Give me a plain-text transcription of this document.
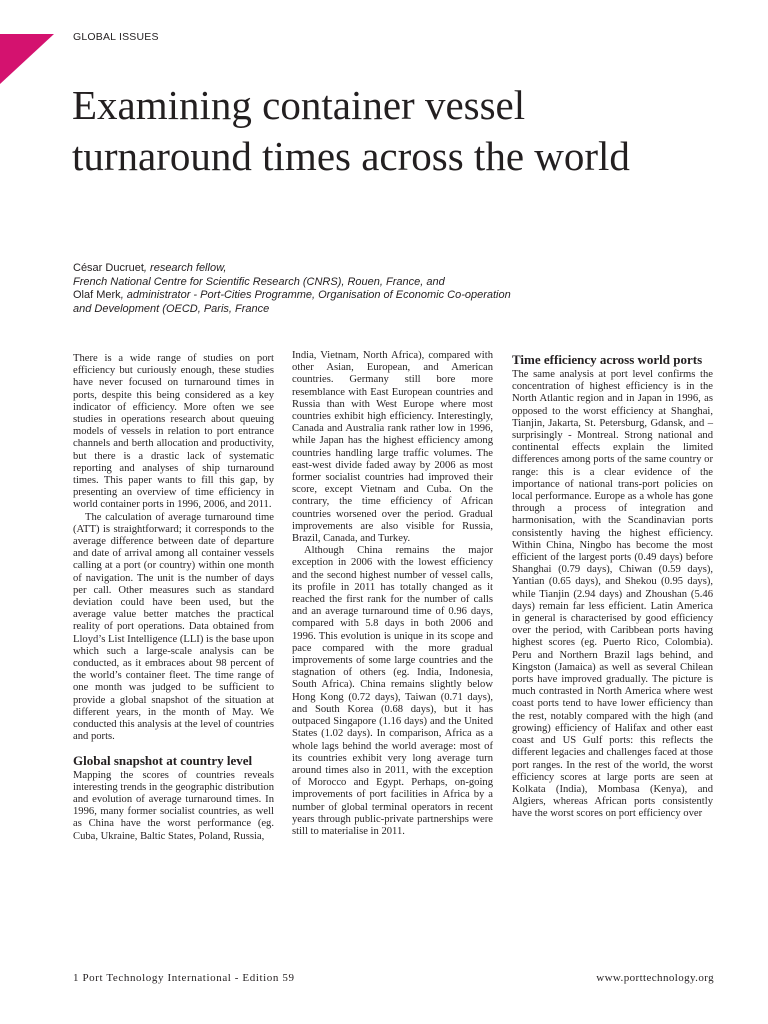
GLOBAL ISSUES
Examining container vessel turnaround times across the world
César Ducruet, research fellow,
French National Centre for Scientific Research (CNRS), Rouen, France, and
Olaf Merk, administrator - Port-Cities Programme, Organisation of Economic Co-operation and Development (OECD, Paris, France

There is a wide range of studies on port efficiency but curiously enough, these studies have never focused on turnaround times in ports, despite this being considered as a key indicator of efficiency. More often we see studies in operations research about queuing models of vessels in relation to port entrance channels and berth allocation and productivity, but there is a drastic lack of systematic reporting and analyses of ship turnaround times. This paper wants to fill this gap, by presenting an overview of time efficiency in world container ports in 1996, 2006, and 2011.

The calculation of average turnaround time (ATT) is straightforward; it corresponds to the average difference between date of departure and date of arrival among all container vessels calling at a port (or country) within one month of navigation. The unit is the number of days per call. Other measures such as standard deviation could have been used, but the average value better matches the practical reality of port operations. Data obtained from Lloyd’s List Intelligence (LLI) is the base upon which such a large-scale analysis can be conducted, as it embraces about 98 percent of the world’s container fleet. The time range of one month was judged to be sufficient to provide a global snapshot of the situation at different years, in the month of May. We conducted this analysis at the level of countries and ports.

Global snapshot at country level

Mapping the scores of countries reveals interesting trends in the geographic distribution and evolution of average turnaround times. In 1996, many former socialist countries, as well as China have the worst performance (eg. Cuba, Ukraine, Baltic States, Poland, Russia,

India, Vietnam, North Africa), compared with other Asian, European, and American countries. Germany still bore more resemblance with East European countries and Russia than with West Europe where most countries exhibit high efficiency. Interestingly, Canada and Australia rank rather low in 1996, while Japan has the highest efficiency among countries handling large traffic volumes. The east-west divide faded away by 2006 as most former socialist countries had improved their score, except Vietnam and Cuba. On the contrary, the time efficiency of African countries worsened over the period. Gradual improvements are also visible for Russia, Brazil, Canada, and Turkey.

Although China remains the major exception in 2006 with the lowest efficiency and the second highest number of vessel calls, its profile in 2011 has totally changed as it reached the first rank for the number of calls and an average turnaround time of 0.96 days, compared with 5.8 days in both 2006 and 1996. This evolution is unique in its scope and pace compared with the more gradual improvements of some large countries and the stagnation of others (eg. India, Indonesia, South Africa). China remains slightly below Hong Kong (0.72 days), Taiwan (0.71 days), and South Korea (0.68 days), but it has outpaced Singapore (1.16 days) and the United States (1.02 days). In comparison, Africa as a whole lags behind the world average: most of its countries exhibit very long average turn around times also in 2011, with the exception of Morocco and Egypt. Perhaps, on-going improvements of port facilities in Africa by a number of global terminal operators in recent years through public-private partnerships were still to materialise in 2011.

Time efficiency across world ports

The same analysis at port level confirms the concentration of highest efficiency is in the North Atlantic region and in Japan in 1996, as opposed to the worst efficiency at Shanghai, Tianjin, Jakarta, St. Petersburg, Gdansk, and – surprisingly - Montreal. Strong national and continental effects explain the limited differences among ports of the same country or range: this is a clear evidence of the importance of national trans-port policies on local performance. Europe as a whole has gone through a process of integration and harmonisation, with the Scandinavian ports consistently having the highest efficiency. Within China, Ningbo has become the most efficient of the largest ports (0.49 days) before Shanghai (0.79 days), Chiwan (0.59 days), Yantian (0.65 days), and Shekou (0.95 days), while Tianjin (2.94 days) and Zhoushan (5.46 days) remain far less efficient. Latin America in general is characterised by good efficiency over the period, with Caribbean ports having highest scores (eg. Puerto Rico, Colombia). Peru and Northern Brazil lags behind, and Kingston (Jamaica) as well as several Chilean ports have improved gradually. The picture is much contrasted in North America where west coast ports tend to have lower efficiency than the rest, notably compared with the high (and growing) efficiency of Halifax and other east coast and US Gulf ports: this reflects the different legacies and challenges faced at those port ranges. In the rest of the world, the worst efficiency scores at large ports are seen at Kolkata (India), Mombasa (Kenya), and Algiers, whereas African ports consistently have the worst scores on port efficiency over

1 Port Technology International - Edition 59	www.porttechnology.org
